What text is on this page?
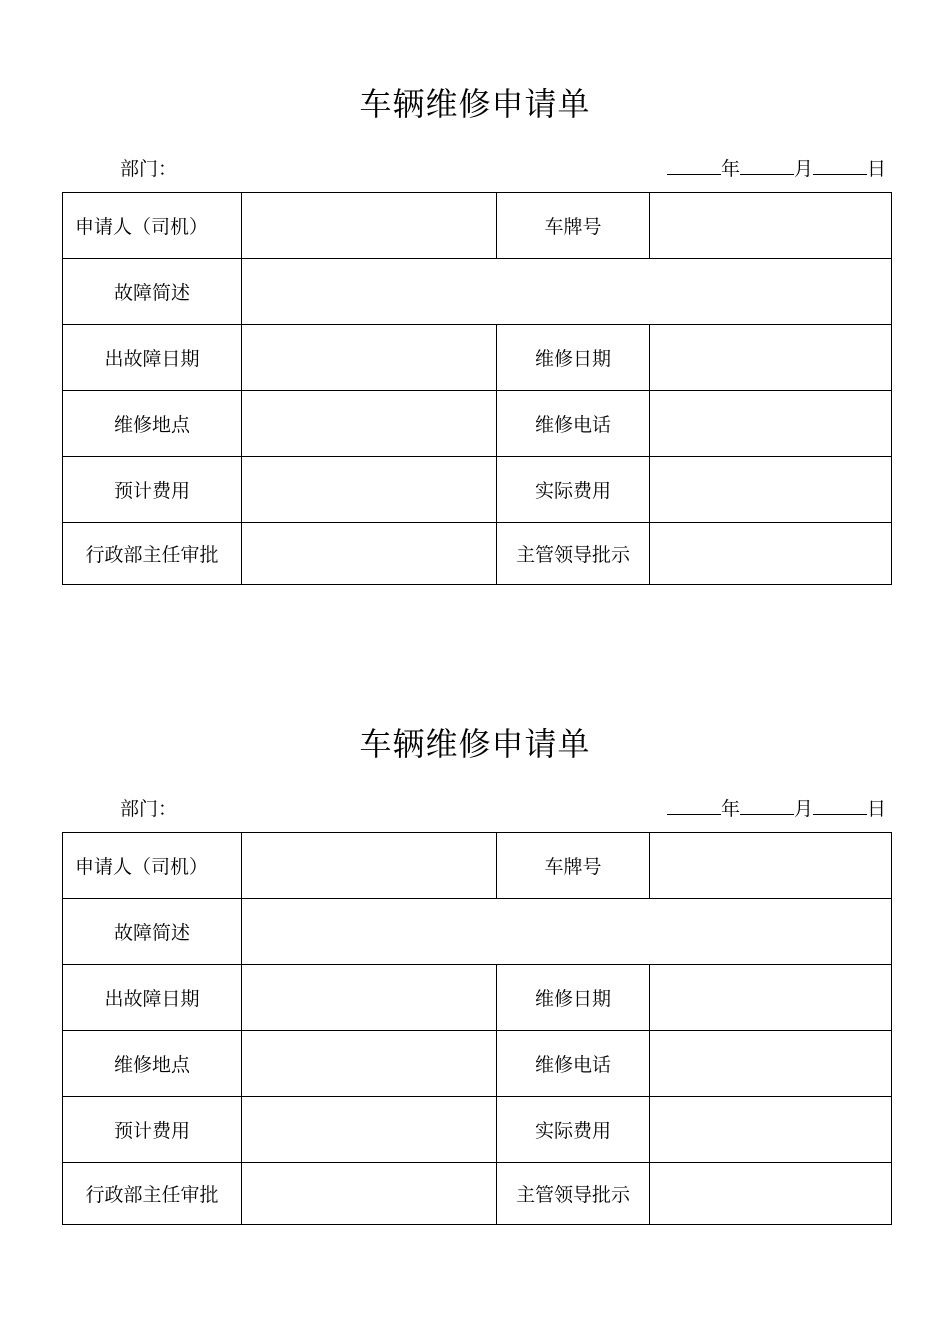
车辆维修申请单
部门：	年	月	日
申请人（司机）		车牌号	
故障简述			
出故障日期		维修日期	
维修地点		维修电话	
预计费用		实际费用	
行政部主任审批		主管领导批示	
车辆维修申请单
部门：	年	月	日
申请人（司机）		车牌号	
故障简述			
出故障日期		维修日期	
维修地点		维修电话	
预计费用		实际费用	
行政部主任审批		主管领导批示	
